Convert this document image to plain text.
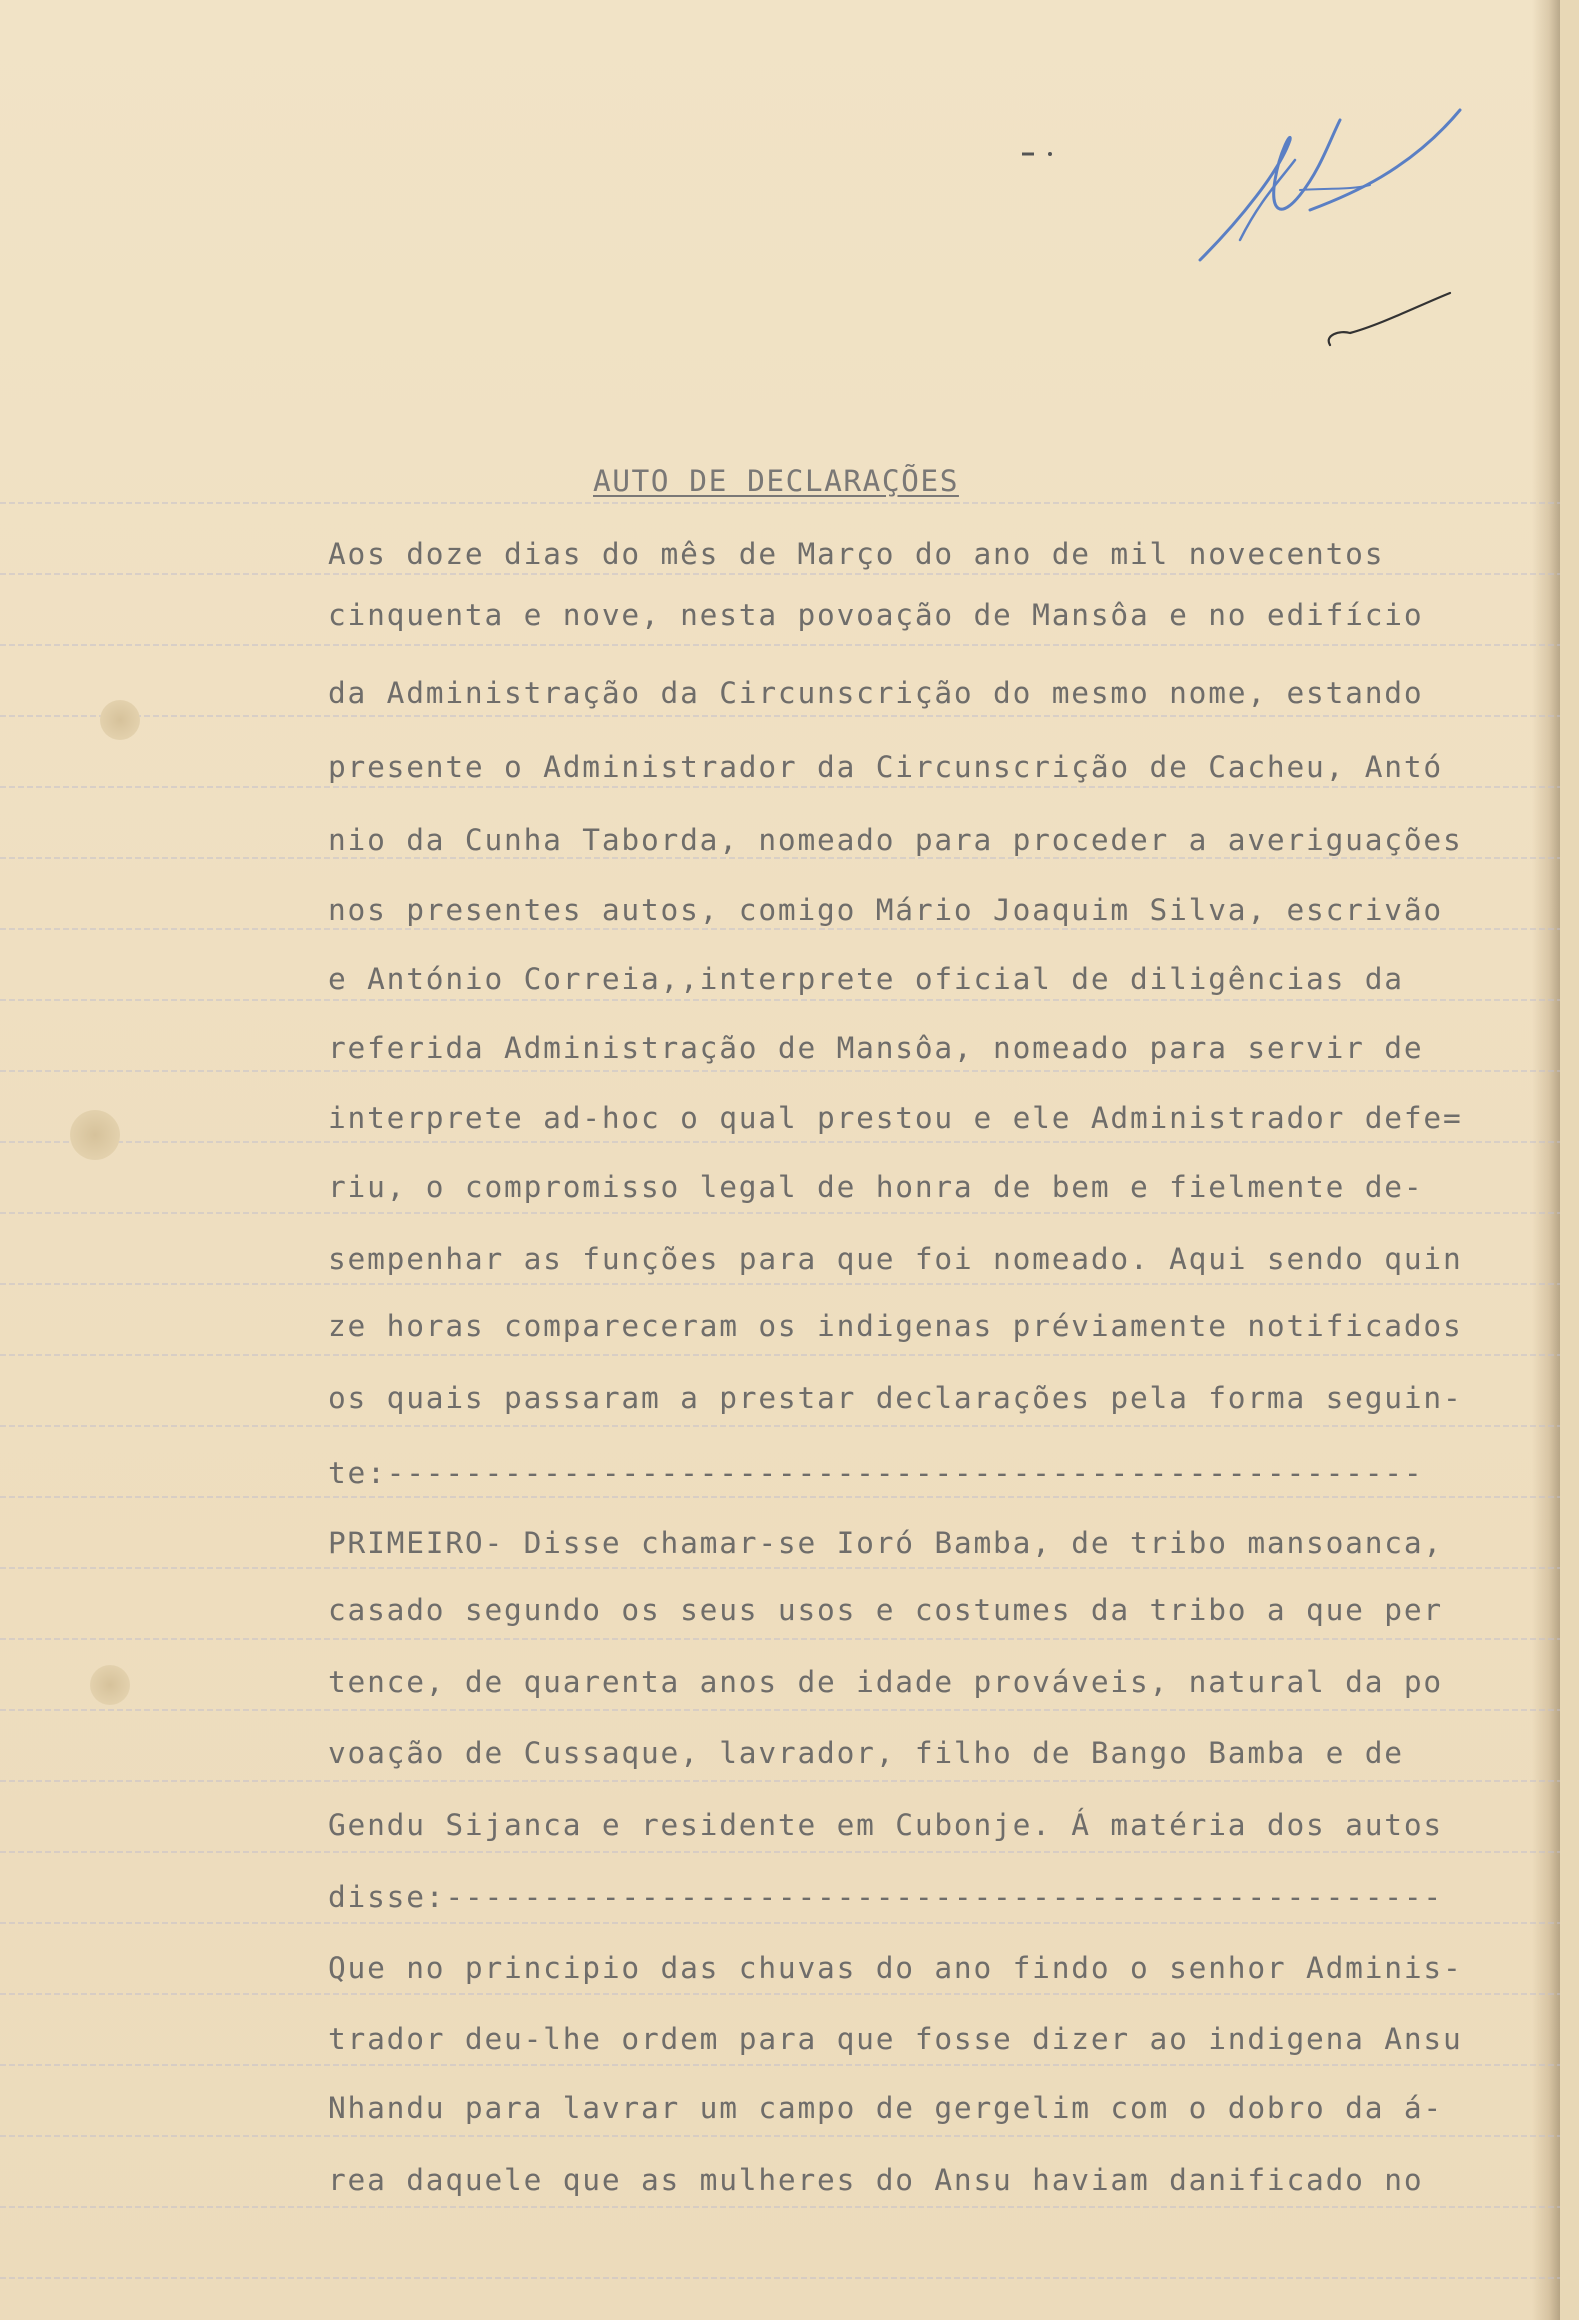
AUTO DE DECLARAÇÕES

Aos doze dias do mês de Março do ano de mil novecentos

cinquenta e nove, nesta povoação de Mansôa e no edifício

da Administração da Circunscrição do mesmo nome, estando

presente o Administrador da Circunscrição de Cacheu, Antó

nio da Cunha Taborda, nomeado para proceder a averiguações

nos presentes autos, comigo Mário Joaquim Silva, escrivão

e António Correia,,interprete oficial de diligências da

referida Administração de Mansôa, nomeado para servir de

interprete ad-hoc o qual prestou e ele Administrador defe=

riu, o compromisso legal de honra de bem e fielmente de-

sempenhar as funções para que foi nomeado. Aqui sendo quin

ze horas compareceram os indigenas préviamente notificados

os quais passaram a prestar declarações pela forma seguin-

te:-----------------------------------------------------

PRIMEIRO- Disse chamar-se Ioró Bamba, de tribo mansoanca,

casado segundo os seus usos e costumes da tribo a que per

tence, de quarenta anos de idade prováveis, natural da po

voação de Cussaque, lavrador, filho de Bango Bamba e de

Gendu Sijanca e residente em Cubonje. Á matéria dos autos

disse:---------------------------------------------------

Que no principio das chuvas do ano findo o senhor Adminis-

trador deu-lhe ordem para que fosse dizer ao indigena Ansu

Nhandu para lavrar um campo de gergelim com o dobro da á-

rea daquele que as mulheres do Ansu haviam danificado no
